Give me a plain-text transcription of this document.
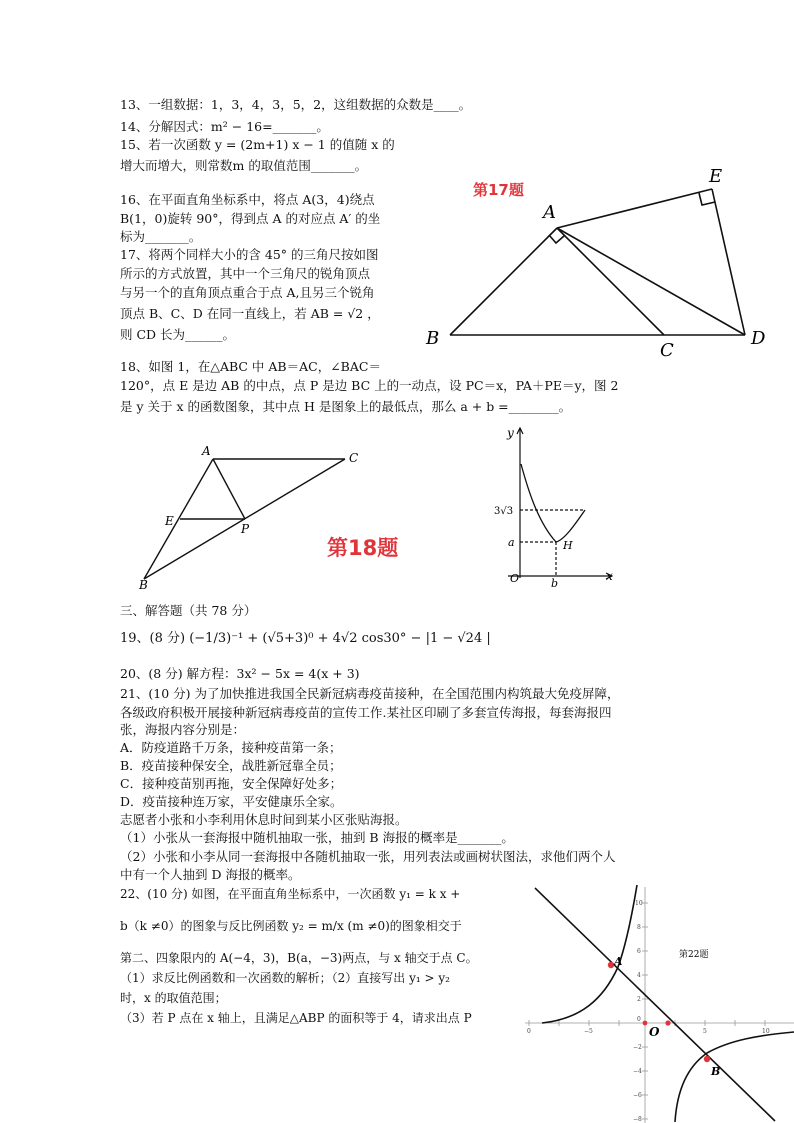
13、一组数据：1，3，4，3，5，2，这组数据的众数是____。
14、分解因式：m² − 16=_______。
15、若一次函数 y = (2m+1) x − 1 的值随 x 的
增大而增大，则常数m 的取值范围_______。
16、在平面直角坐标系中，将点 A(3，4)绕点
B(1，0)旋转 90°，得到点 A 的对应点 A′ 的坐
标为_______。
17、将两个同样大小的含 45° 的三角尺按如图
所示的方式放置，其中一个三角尺的锐角顶点
与另一个的直角顶点重合于点 A,且另三个锐角
顶点 B、C、D 在同一直线上，若 AB = √2 ，
则 CD 长为______。
第17题
A
B
C
D
E
18、如图 1，在△ABC 中 AB＝AC，∠BAC＝
120°，点 E 是边 AB 的中点，点 P 是边 BC 上的一动点，设 PC＝x，PA＋PE＝y，图 2
是 y 关于 x 的函数图象，其中点 H 是图象上的最低点，那么 a + b =________。
A	C
E
P
B
第18题
y
x
O
3√3
a
b
H
三、解答题（共 78 分）
19、(8 分) (−1/3)⁻¹ + (√5+3)⁰ + 4√2 cos30° − |1 − √24 |
20、(8 分) 解方程：3x² − 5x = 4(x + 3)
21、(10 分) 为了加快推进我国全民新冠病毒疫苗接种，在全国范围内构筑最大免疫屏障，
各级政府积极开展接种新冠病毒疫苗的宣传工作.某社区印刷了多套宣传海报，每套海报四
张，海报内容分别是：
A．防疫道路千万条，接种疫苗第一条；
B．疫苗接种保安全，战胜新冠靠全员；
C．接种疫苗别再拖，安全保障好处多；
D．疫苗接种连万家，平安健康乐全家。
志愿者小张和小李利用休息时间到某小区张贴海报。
（1）小张从一套海报中随机抽取一张，抽到 B 海报的概率是_______。
（2）小张和小李从同一套海报中各随机抽取一张，用列表法或画树状图法，求他们两个人
中有一个人抽到 D 海报的概率。
22、(10 分) 如图，在平面直角坐标系中，一次函数 y₁ = k x +
b（k ≠0）的图象与反比例函数 y₂ = m/x (m ≠0)的图象相交于
第二、四象限内的 A(−4，3)，B(a，−3)两点，与 x 轴交于点 C。
（1）求反比例函数和一次函数的解析；（2）直接写出 y₁ > y₂
时，x 的取值范围；
（3）若 P 点在 x 轴上，且满足△ABP 的面积等于 4，请求出点 P
A
B
O
第22题
0	−5	5	10
10
8
6
4
2
0
−2
−4
−6
−8
